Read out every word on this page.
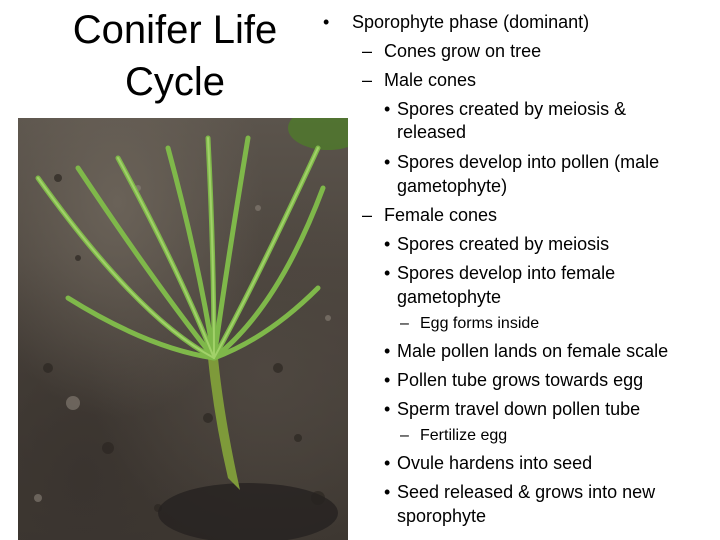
Conifer Life
Cycle
• Sporophyte phase (dominant)
– Cones grow on tree
– Male cones
• Spores created by meiosis &
released
• Spores develop into pollen (male
gametophyte)
– Female cones
• Spores created by meiosis
• Spores develop into female
gametophyte
– Egg forms inside
• Male pollen lands on female scale
• Pollen tube grows towards egg
• Sperm travel down pollen tube
– Fertilize egg
• Ovule hardens into seed
• Seed released & grows into new
sporophyte
